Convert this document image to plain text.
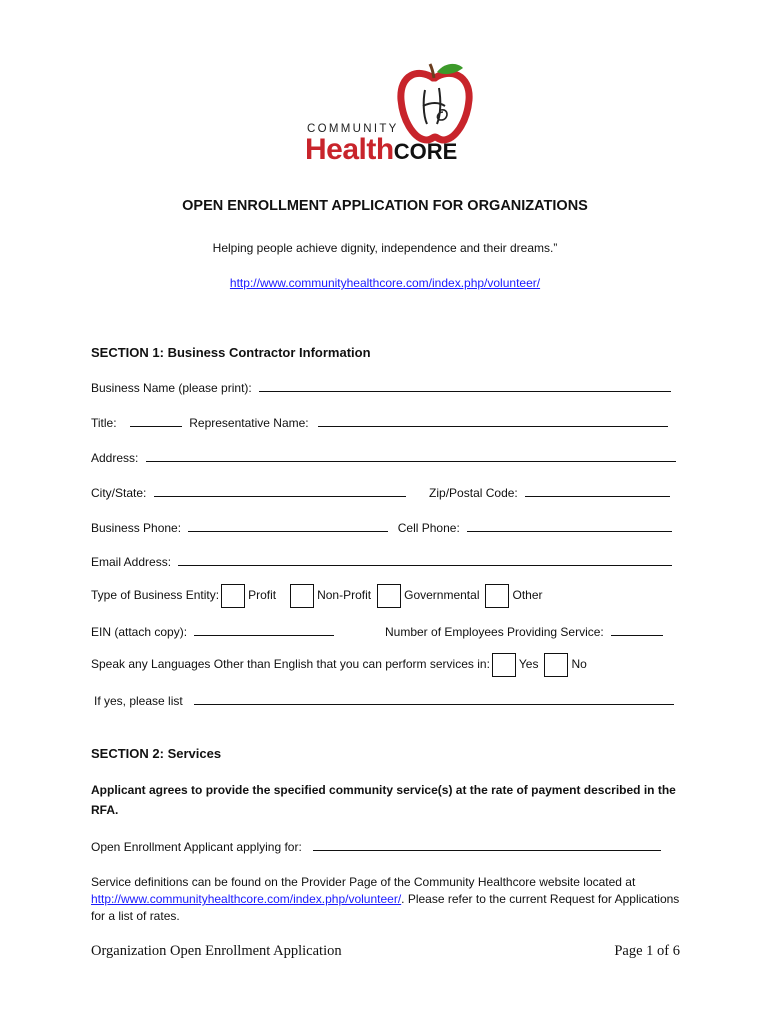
COMMUNITY
HealthCORE
OPEN ENROLLMENT APPLICATION FOR ORGANIZATIONS
Helping people achieve dignity, independence and their dreams.”
http://www.communityhealthcore.com/index.php/volunteer/
SECTION 1: Business Contractor Information
Business Name (please print):
Title:	Representative Name:
Address:
City/State:	Zip/Postal Code:
Business Phone:	Cell Phone:
Email Address:
Type of Business Entity: Profit	Non-Profit	Governmental	Other
EIN (attach copy):	Number of Employees Providing Service:
Speak any Languages Other than English that you can perform services in: Yes	No
If yes, please list
SECTION 2: Services
Applicant agrees to provide the specified community service(s) at the rate of payment described in the RFA.
Open Enrollment Applicant applying for:
Service definitions can be found on the Provider Page of the Community Healthcore website located at http://www.communityhealthcore.com/index.php/volunteer/. Please refer to the current Request for Applications for a list of rates.
Organization Open Enrollment Application	Page 1 of 6
